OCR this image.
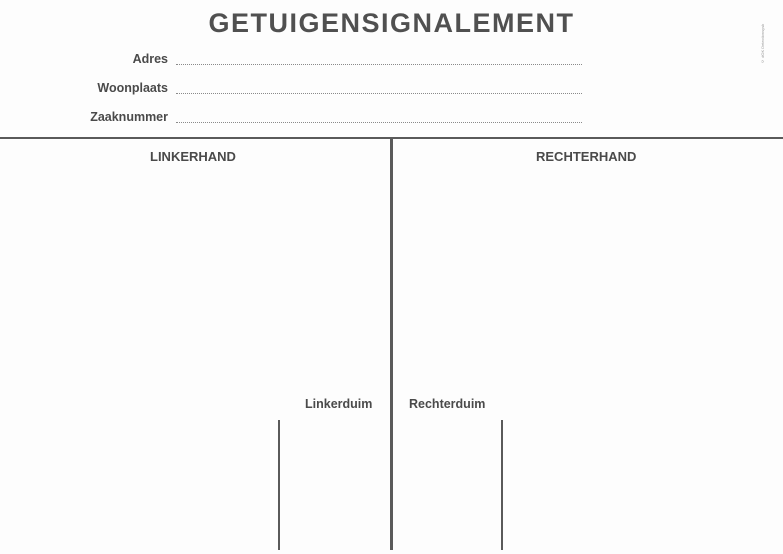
GETUIGENSIGNALEMENT
© dOK Detectionsysk
Adres
Woonplaats
Zaaknummer
LINKERHAND	RECHTERHAND
Linkerduim	Rechterduim
